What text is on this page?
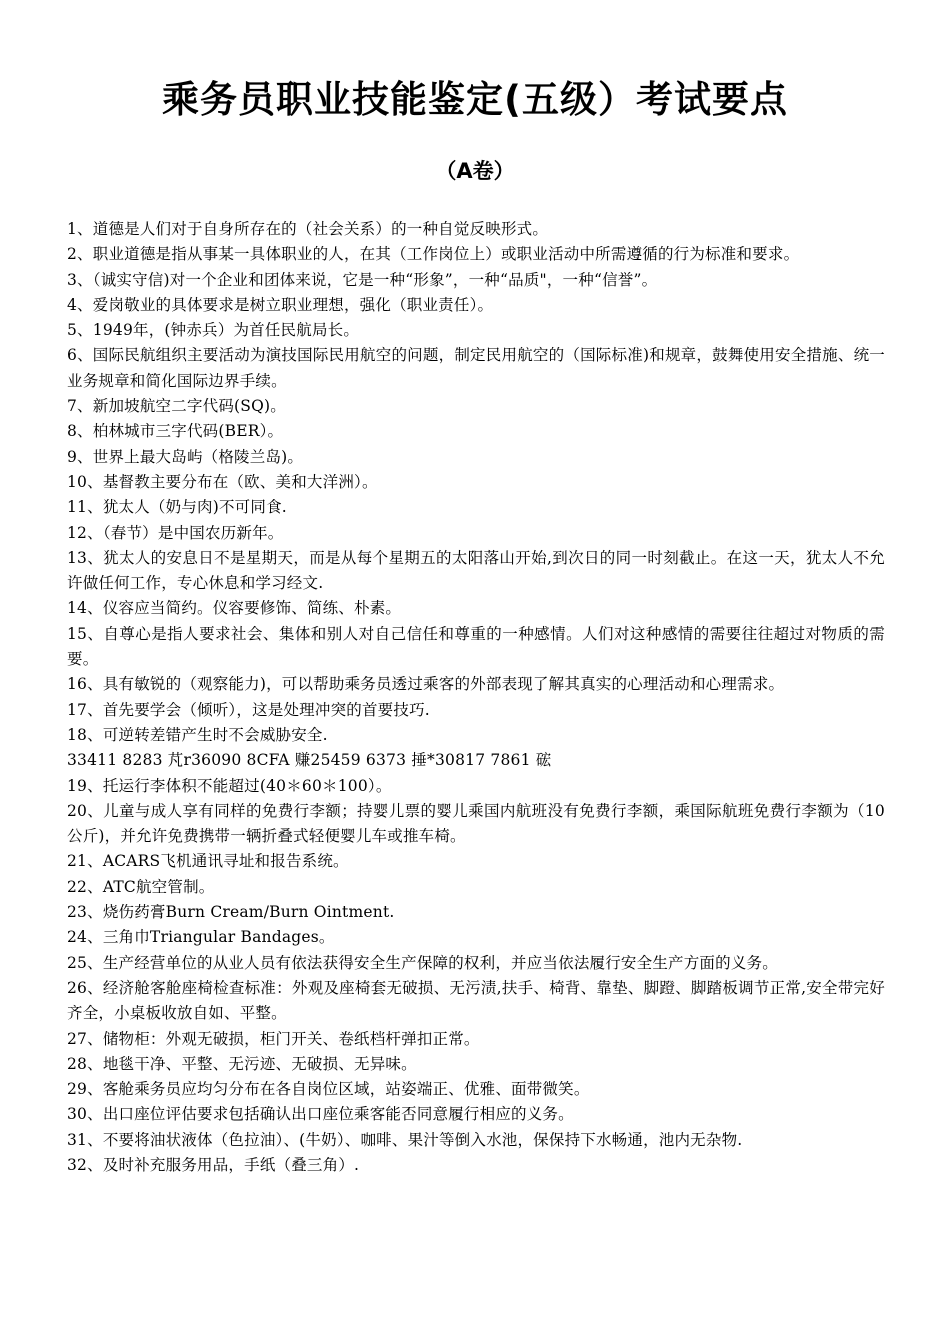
乘务员职业技能鉴定(五级）考试要点
（A卷）

1、道德是人们对于自身所存在的（社会关系）的一种自觉反映形式。

2、职业道德是指从事某一具体职业的人，在其（工作岗位上）或职业活动中所需遵循的行为标准和要求。

3、（诚实守信)对一个企业和团体来说，它是一种“形象”，一种“品质"，一种“信誉”。

4、爱岗敬业的具体要求是树立职业理想，强化（职业责任）。

5、1949年，(钟赤兵）为首任民航局长。

6、国际民航组织主要活动为演技国际民用航空的问题，制定民用航空的（国际标准)和规章，鼓舞使用安全措施、统一业务规章和简化国际边界手续。

7、新加坡航空二字代码(SQ)。

8、柏林城市三字代码(BER）。

9、世界上最大岛屿（格陵兰岛)。

10、基督教主要分布在（欧、美和大洋洲）。

11、犹太人（奶与肉)不可同食.

12、（春节）是中国农历新年。

13、犹太人的安息日不是星期天，而是从每个星期五的太阳落山开始,到次日的同一时刻截止。在这一天，犹太人不允许做任何工作，专心休息和学习经文.

14、仪容应当简约。仪容要修饰、简练、朴素。

15、自尊心是指人要求社会、集体和别人对自己信任和尊重的一种感情。人们对这种感情的需要往往超过对物质的需要。

16、具有敏锐的（观察能力)，可以帮助乘务员透过乘客的外部表现了解其真实的心理活动和心理需求。

17、首先要学会（倾听），这是处理冲突的首要技巧.

18、可逆转差错产生时不会威胁安全.

33411 8283 芃r36090 8CFA 赚25459 6373 捶*30817 7861 硡

19、托运行李体积不能超过(40＊60＊100）。

20、儿童与成人享有同样的免费行李额；持婴儿票的婴儿乘国内航班没有免费行李额，乘国际航班免费行李额为（10公斤)，并允许免费携带一辆折叠式轻便婴儿车或推车椅。

21、ACARS飞机通讯寻址和报告系统。

22、ATC航空管制。

23、烧伤药膏Burn Cream/Burn Ointment.

24、三角巾Triangular Bandages。

25、生产经营单位的从业人员有依法获得安全生产保障的权利，并应当依法履行安全生产方面的义务。

26、经济舱客舱座椅检查标准：外观及座椅套无破损、无污渍,扶手、椅背、靠垫、脚蹬、脚踏板调节正常,安全带完好齐全，小桌板收放自如、平整。

27、储物柜：外观无破损，柜门开关、卷纸档杆弹扣正常。

28、地毯干净、平整、无污迹、无破损、无异味。

29、客舱乘务员应均匀分布在各自岗位区域，站姿端正、优雅、面带微笑。

30、出口座位评估要求包括确认出口座位乘客能否同意履行相应的义务。

31、不要将油状液体（色拉油）、(牛奶）、咖啡、果汁等倒入水池，保保持下水畅通，池内无杂物.

32、及时补充服务用品，手纸（叠三角）.
